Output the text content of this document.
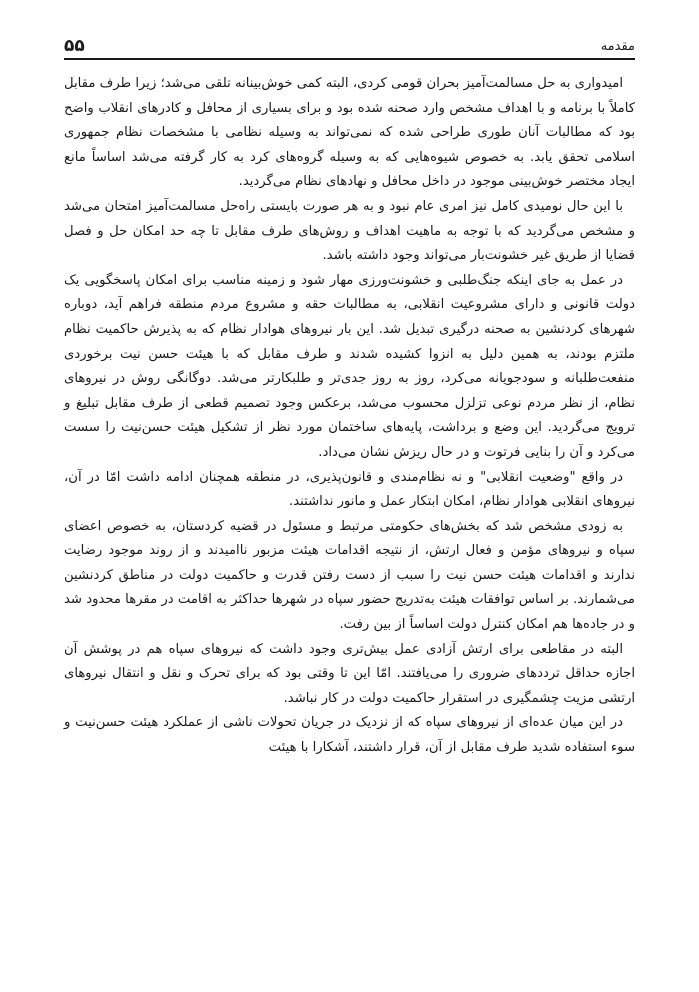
مقدمه
۵۵

امیدواری به حل مسالمت‌آمیز بحران قومی کردی، البته کمی خوش‌بینانه تلقی می‌شد؛ زیرا طرف مقابل کاملاً با برنامه و با اهداف مشخص وارد صحنه شده بود و برای بسیاری از محافل و کادرهای انقلاب واضح بود که مطالبات آنان طوری طراحی شده که نمی‌تواند به وسیله نظامی با مشخصات نظام جمهوری اسلامی تحقق یابد. به خصوص شیوه‌هایی که به وسیله گروه‌های کرد به کار گرفته می‌شد اساساً مانع ایجاد مختصر خوش‌بینی موجود در داخل محافل و نهادهای نظام می‌گردید.

با این حال نومیدی کامل نیز امری عام نبود و به هر صورت بایستی راه‌حل مسالمت‌آمیز امتحان می‌شد و مشخص می‌گردید که با توجه به ماهیت اهداف و روش‌های طرف مقابل تا چه حد امکان حل و فصل قضایا از طریق غیر خشونت‌بار می‌تواند وجود داشته باشد.

در عمل به جای اینکه جنگ‌طلبی و خشونت‌ورزی مهار شود و زمینه مناسب برای امکان پاسخگویی یک دولت قانونی و دارای مشروعیت انقلابی، به مطالبات حقه و مشروع مردم منطقه فراهم آید، دوباره شهرهای کردنشین به صحنه درگیری تبدیل شد. این بار نیروهای هوادار نظام که به پذیرش حاکمیت نظام ملتزم بودند، به همین دلیل به انزوا کشیده شدند و طرف مقابل که با هیئت حسن نیت برخوردی منفعت‌طلبانه و سودجویانه می‌کرد، روز به روز جدی‌تر و طلبکارتر می‌شد. دوگانگی روش در نیروهای نظام، از نظر مردم نوعی تزلزل محسوب می‌شد، برعکس وجود تصمیم قطعی از طرف مقابل تبلیغ و ترویج می‌گردید. این وضع و برداشت، پایه‌های ساختمان مورد نظر از تشکیل هیئت حسن‌نیت را سست می‌کرد و آن را بنایی فرتوت و در حال ریزش نشان می‌داد.

در واقع "وضعیت انقلابی" و نه نظام‌مندی و قانون‌پذیری، در منطقه همچنان ادامه داشت امّا در آن، نیروهای انقلابی هوادار نظام، امکان ابتکار عمل و مانور نداشتند.

به زودی مشخص شد که بخش‌های حکومتی مرتبط و مسئول در قضیه کردستان، به خصوص اعضای سپاه و نیروهای مؤمن و فعال ارتش، از نتیجه اقدامات هیئت مزبور ناامیدند و از روند موجود رضایت ندارند و اقدامات هیئت حسن نیت را سبب از دست رفتن قدرت و حاکمیت دولت در مناطق کردنشین می‌شمارند. بر اساس توافقات هیئت به‌تدریج حضور سپاه در شهرها حداکثر به اقامت در مقرها محدود شد و در جاده‌ها هم امکان کنترل دولت اساساً از بین رفت.

البته در مقاطعی برای ارتش آزادی عمل بیش‌تری وجود داشت که نیروهای سپاه هم در پوشش آن اجازه حداقل ترددهای ضروری را می‌یافتند. امّا این تا وقتی بود که برای تحرک و نقل و انتقال نیروهای ارتشی مزیت چشمگیری در استقرار حاکمیت دولت در کار نباشد.

در این میان عده‌ای از نیروهای سپاه که از نزدیک در جریان تحولات ناشی از عملکرد هیئت حسن‌نیت و سوء استفاده شدید طرف مقابل از آن، قرار داشتند، آشکارا با هیئت
